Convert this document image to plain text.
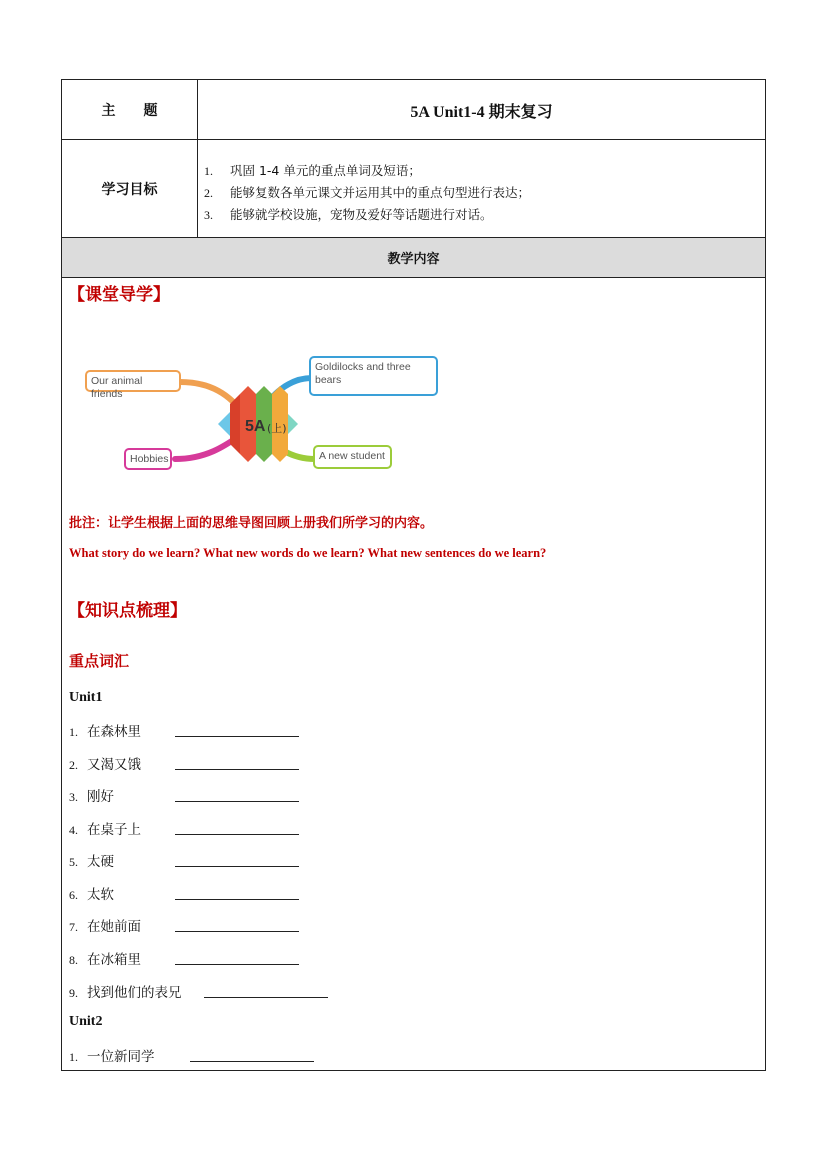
主　　题	5A Unit1-4 期末复习
学习目标
1. 巩固 1-4 单元的重点单词及短语；
2. 能够复数各单元课文并运用其中的重点句型进行表达；
3. 能够就学校设施，宠物及爱好等话题进行对话。
教学内容
【课堂导学】
5A (上)
Our animal friends
Goldilocks and three bears
Hobbies	A new student
批注：让学生根据上面的思维导图回顾上册我们所学习的内容。
What story do we learn? What new words do we learn? What new sentences do we learn?
【知识点梳理】
重点词汇
Unit1
1. 在森林里
2. 又渴又饿
3. 刚好
4. 在桌子上
5. 太硬
6. 太软
7. 在她前面
8. 在冰箱里
9. 找到他们的表兄
Unit2
1. 一位新同学
